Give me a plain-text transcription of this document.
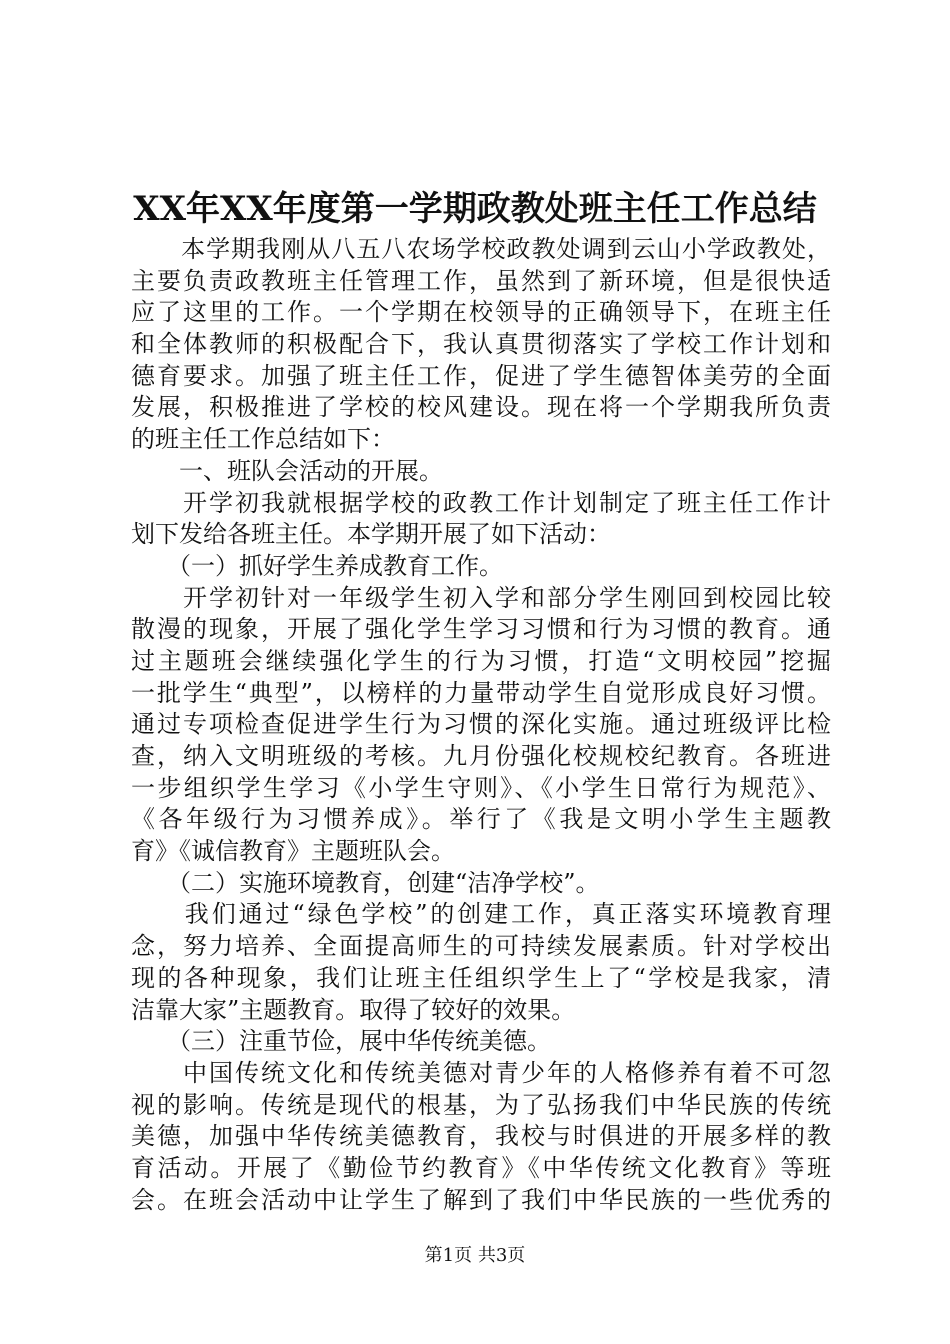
XX年XX年度第一学期政教处班主任工作总结
　　本学期我刚从八五八农场学校政教处调到云山小学政教处，
主要负责政教班主任管理工作，虽然到了新环境，但是很快适
应了这里的工作。一个学期在校领导的正确领导下，在班主任
和全体教师的积极配合下，我认真贯彻落实了学校工作计划和
德育要求。加强了班主任工作，促进了学生德智体美劳的全面
发展，积极推进了学校的校风建设。现在将一个学期我所负责
的班主任工作总结如下：
　　一、班队会活动的开展。
　　开学初我就根据学校的政教工作计划制定了班主任工作计
划下发给各班主任。本学期开展了如下活动：
　　（一）抓好学生养成教育工作。
　　开学初针对一年级学生初入学和部分学生刚回到校园比较
散漫的现象，开展了强化学生学习习惯和行为习惯的教育。通
过主题班会继续强化学生的行为习惯，打造“文明校园”挖掘
一批学生“典型”，以榜样的力量带动学生自觉形成良好习惯。
通过专项检查促进学生行为习惯的深化实施。通过班级评比检
查，纳入文明班级的考核。九月份强化校规校纪教育。各班进
一步组织学生学习《小学生守则》、《小学生日常行为规范》、
《各年级行为习惯养成》。举行了《我是文明小学生主题教
育》《诚信教育》主题班队会。
　　（二）实施环境教育，创建“洁净学校”。
　　我们通过“绿色学校”的创建工作，真正落实环境教育理
念，努力培养、全面提高师生的可持续发展素质。针对学校出
现的各种现象，我们让班主任组织学生上了“学校是我家，清
洁靠大家”主题教育。取得了较好的效果。
　　（三）注重节俭，展中华传统美德。
　　中国传统文化和传统美德对青少年的人格修养有着不可忽
视的影响。传统是现代的根基，为了弘扬我们中华民族的传统
美德，加强中华传统美德教育，我校与时俱进的开展多样的教
育活动。开展了《勤俭节约教育》《中华传统文化教育》等班
会。在班会活动中让学生了解到了我们中华民族的一些优秀的
第1页 共3页
